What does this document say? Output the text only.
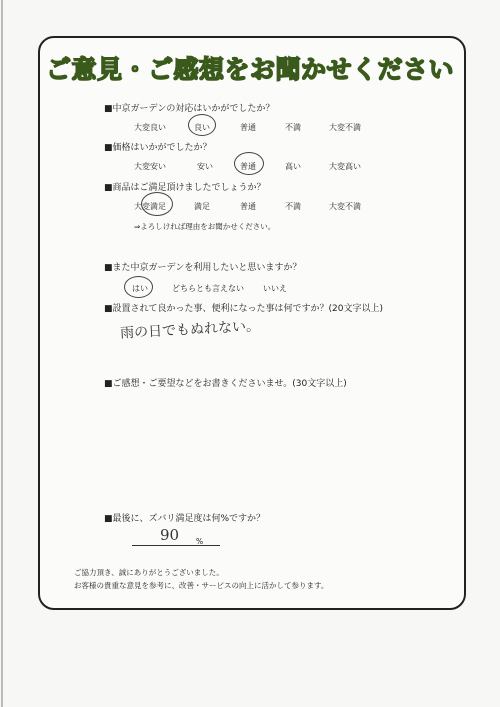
ご意見・ご感想をお聞かせください
■中京ガーデンの対応はいかがでしたか？
大変良い	良い	普通	不満	大変不満
■価格はいかがでしたか？
大変安い	安い	普通	高い	大変高い
■商品はご満足頂けましたでしょうか？
大変満足	満足	普通	不満	大変不満
⇒よろしければ理由をお聞かせください。
■また中京ガーデンを利用したいと思いますか？
はい	どちらとも言えない いいえ
■設置されて良かった事、便利になった事は何ですか？(20文字以上)
雨の日でもぬれない。
■ご感想・ご要望などをお書きくださいませ。(30文字以上)
■最後に、ズバリ満足度は何%ですか？
90 %
ご協力頂き、誠にありがとうございました。
お客様の貴重な意見を参考に、改善・サービスの向上に活かして参ります。
